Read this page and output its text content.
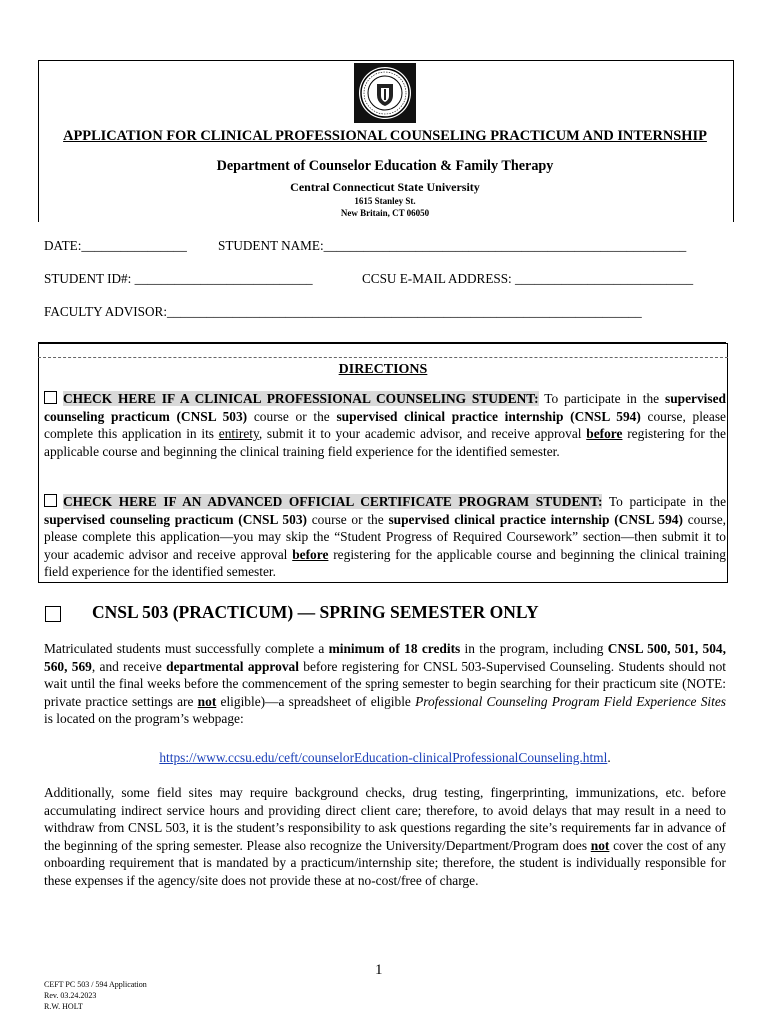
APPLICATION FOR CLINICAL PROFESSIONAL COUNSELING PRACTICUM AND INTERNSHIP
Department of Counselor Education & Family Therapy
Central Connecticut State University
1615 Stanley St.
New Britain, CT 06050
DATE:________________ STUDENT NAME:_______________________________________________________
STUDENT ID#: ___________________________	CCSU E-MAIL ADDRESS: ___________________________
FACULTY ADVISOR:________________________________________________________________________
DIRECTIONS
CHECK HERE IF A CLINICAL PROFESSIONAL COUNSELING STUDENT: To participate in the supervised counseling practicum (CNSL 503) course or the supervised clinical practice internship (CNSL 594) course, please complete this application in its entirety, submit it to your academic advisor, and receive approval before registering for the applicable course and beginning the clinical training field experience for the identified semester.
CHECK HERE IF AN ADVANCED OFFICIAL CERTIFICATE PROGRAM STUDENT: To participate in the supervised counseling practicum (CNSL 503) course or the supervised clinical practice internship (CNSL 594) course, please complete this application—you may skip the “Student Progress of Required Coursework” section—then submit it to your academic advisor and receive approval before registering for the applicable course and beginning the clinical training field experience for the identified semester.
CNSL 503 (PRACTICUM) — SPRING SEMESTER ONLY
Matriculated students must successfully complete a minimum of 18 credits in the program, including CNSL 500, 501, 504, 560, 569, and receive departmental approval before registering for CNSL 503-Supervised Counseling. Students should not wait until the final weeks before the commencement of the spring semester to begin searching for their practicum site (NOTE: private practice settings are not eligible)—a spreadsheet of eligible Professional Counseling Program Field Experience Sites is located on the program’s webpage:
https://www.ccsu.edu/ceft/counselorEducation-clinicalProfessionalCounseling.html.
Additionally, some field sites may require background checks, drug testing, fingerprinting, immunizations, etc. before accumulating indirect service hours and providing direct client care; therefore, to avoid delays that may result in a need to withdraw from CNSL 503, it is the student’s responsibility to ask questions regarding the site’s requirements far in advance of the beginning of the spring semester. Please also recognize the University/Department/Program does not cover the cost of any onboarding requirement that is mandated by a practicum/internship site; therefore, the student is individually responsible for these expenses if the agency/site does not provide these at no-cost/free of charge.
1
CEFT PC 503 / 594 Application
Rev. 03.24.2023
R.W. HOLT
